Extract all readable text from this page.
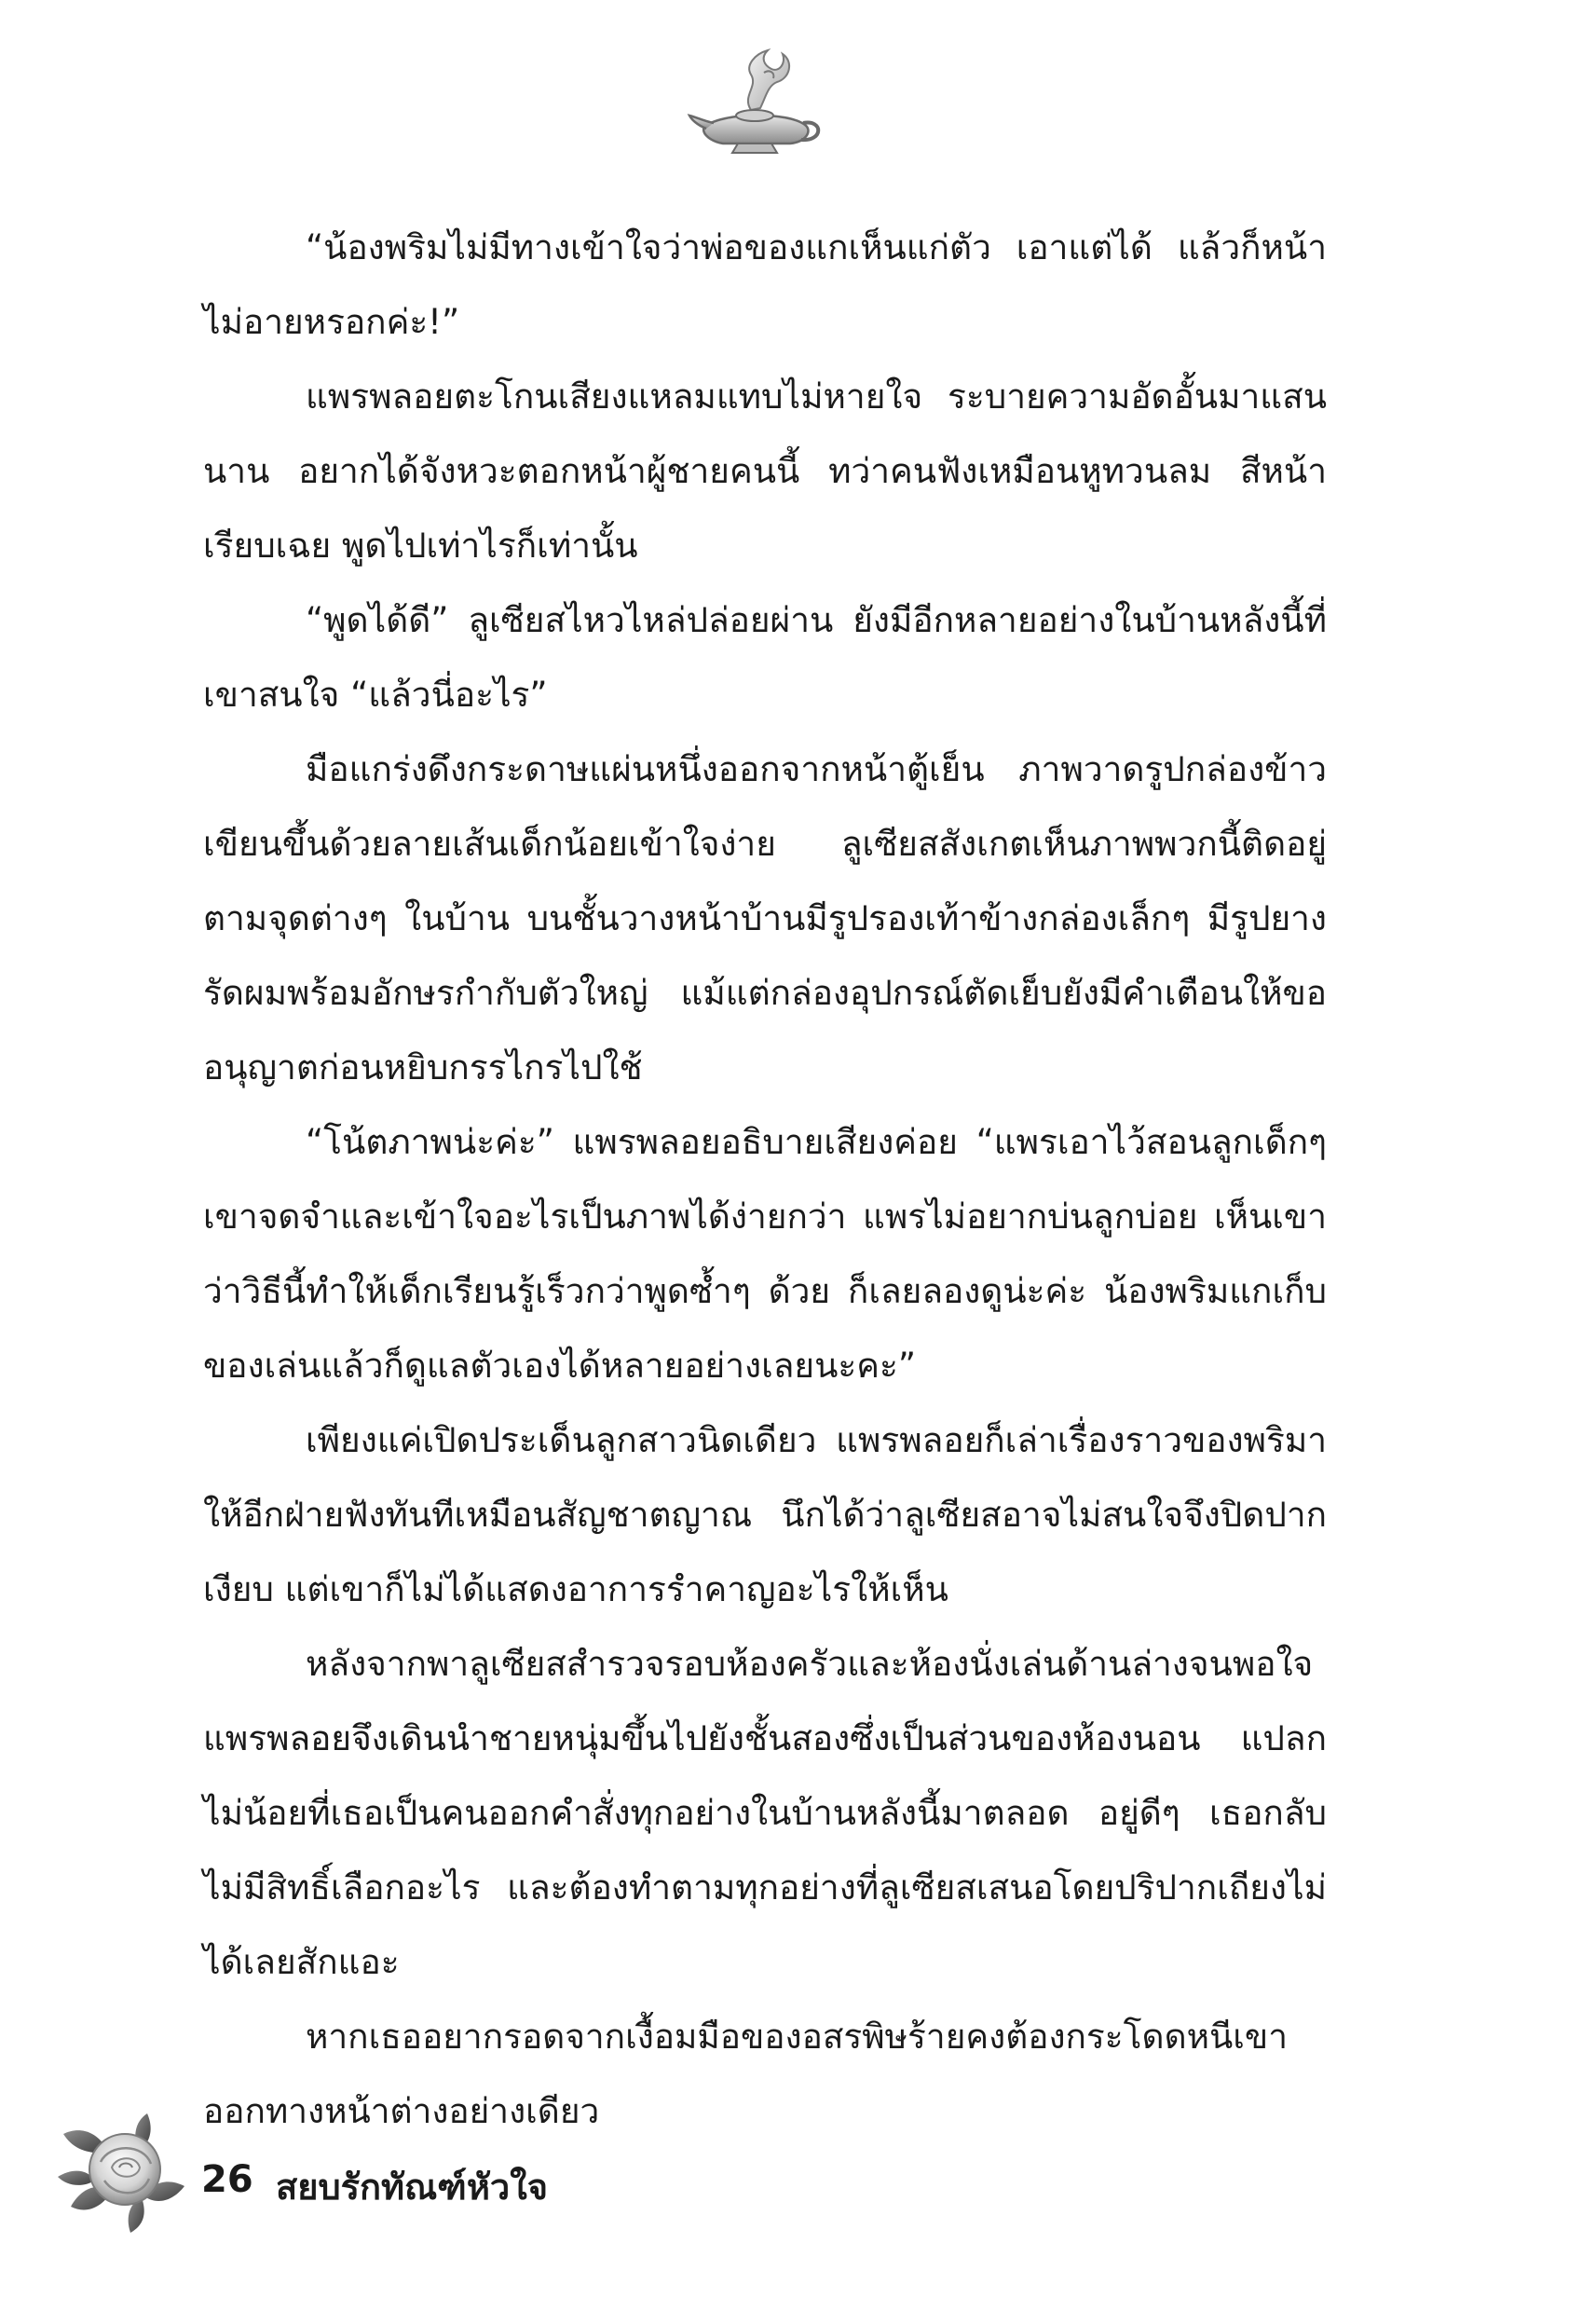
“น้องพริมไม่มีทางเข้าใจว่าพ่อของแกเห็นแก่ตัว เอาแต่ได้ แล้วก็หน้าไม่อายหรอกค่ะ!”

แพรพลอยตะโกนเสียงแหลมแทบไม่หายใจ ระบายความอัดอั้นมาแสนนาน อยากได้จังหวะตอกหน้าผู้ชายคนนี้ ทว่าคนฟังเหมือนหูทวนลม สีหน้าเรียบเฉย พูดไปเท่าไรก็เท่านั้น

“พูดได้ดี” ลูเซียสไหวไหล่ปล่อยผ่าน ยังมีอีกหลายอย่างในบ้านหลังนี้ที่เขาสนใจ “แล้วนี่อะไร”

มือแกร่งดึงกระดาษแผ่นหนึ่งออกจากหน้าตู้เย็น ภาพวาดรูปกล่องข้าวเขียนขึ้นด้วยลายเส้นเด็กน้อยเข้าใจง่าย ลูเซียสสังเกตเห็นภาพพวกนี้ติดอยู่ตามจุดต่างๆ ในบ้าน บนชั้นวางหน้าบ้านมีรูปรองเท้าข้างกล่องเล็กๆ มีรูปยางรัดผมพร้อมอักษรกำกับตัวใหญ่ แม้แต่กล่องอุปกรณ์ตัดเย็บยังมีคำเตือนให้ขออนุญาตก่อนหยิบกรรไกรไปใช้

“โน้ตภาพน่ะค่ะ” แพรพลอยอธิบายเสียงค่อย “แพรเอาไว้สอนลูกเด็กๆ เขาจดจำและเข้าใจอะไรเป็นภาพได้ง่ายกว่า แพรไม่อยากบ่นลูกบ่อย เห็นเขาว่าวิธีนี้ทำให้เด็กเรียนรู้เร็วกว่าพูดซ้ำๆ ด้วย ก็เลยลองดูน่ะค่ะ น้องพริมแกเก็บของเล่นแล้วก็ดูแลตัวเองได้หลายอย่างเลยนะคะ”

เพียงแค่เปิดประเด็นลูกสาวนิดเดียว แพรพลอยก็เล่าเรื่องราวของพริมาให้อีกฝ่ายฟังทันทีเหมือนสัญชาตญาณ นึกได้ว่าลูเซียสอาจไม่สนใจจึงปิดปากเงียบ แต่เขาก็ไม่ได้แสดงอาการรำคาญอะไรให้เห็น

หลังจากพาลูเซียสสำรวจรอบห้องครัวและห้องนั่งเล่นด้านล่างจนพอใจ แพรพลอยจึงเดินนำชายหนุ่มขึ้นไปยังชั้นสองซึ่งเป็นส่วนของห้องนอน แปลกไม่น้อยที่เธอเป็นคนออกคำสั่งทุกอย่างในบ้านหลังนี้มาตลอด อยู่ดีๆ เธอกลับไม่มีสิทธิ์เลือกอะไร และต้องทำตามทุกอย่างที่ลูเซียสเสนอโดยปริปากเถียงไม่ได้เลยสักแอะ

หากเธออยากรอดจากเงื้อมมือของอสรพิษร้ายคงต้องกระโดดหนีเขาออกทางหน้าต่างอย่างเดียว

26 สยบรักทัณฑ์หัวใจ
